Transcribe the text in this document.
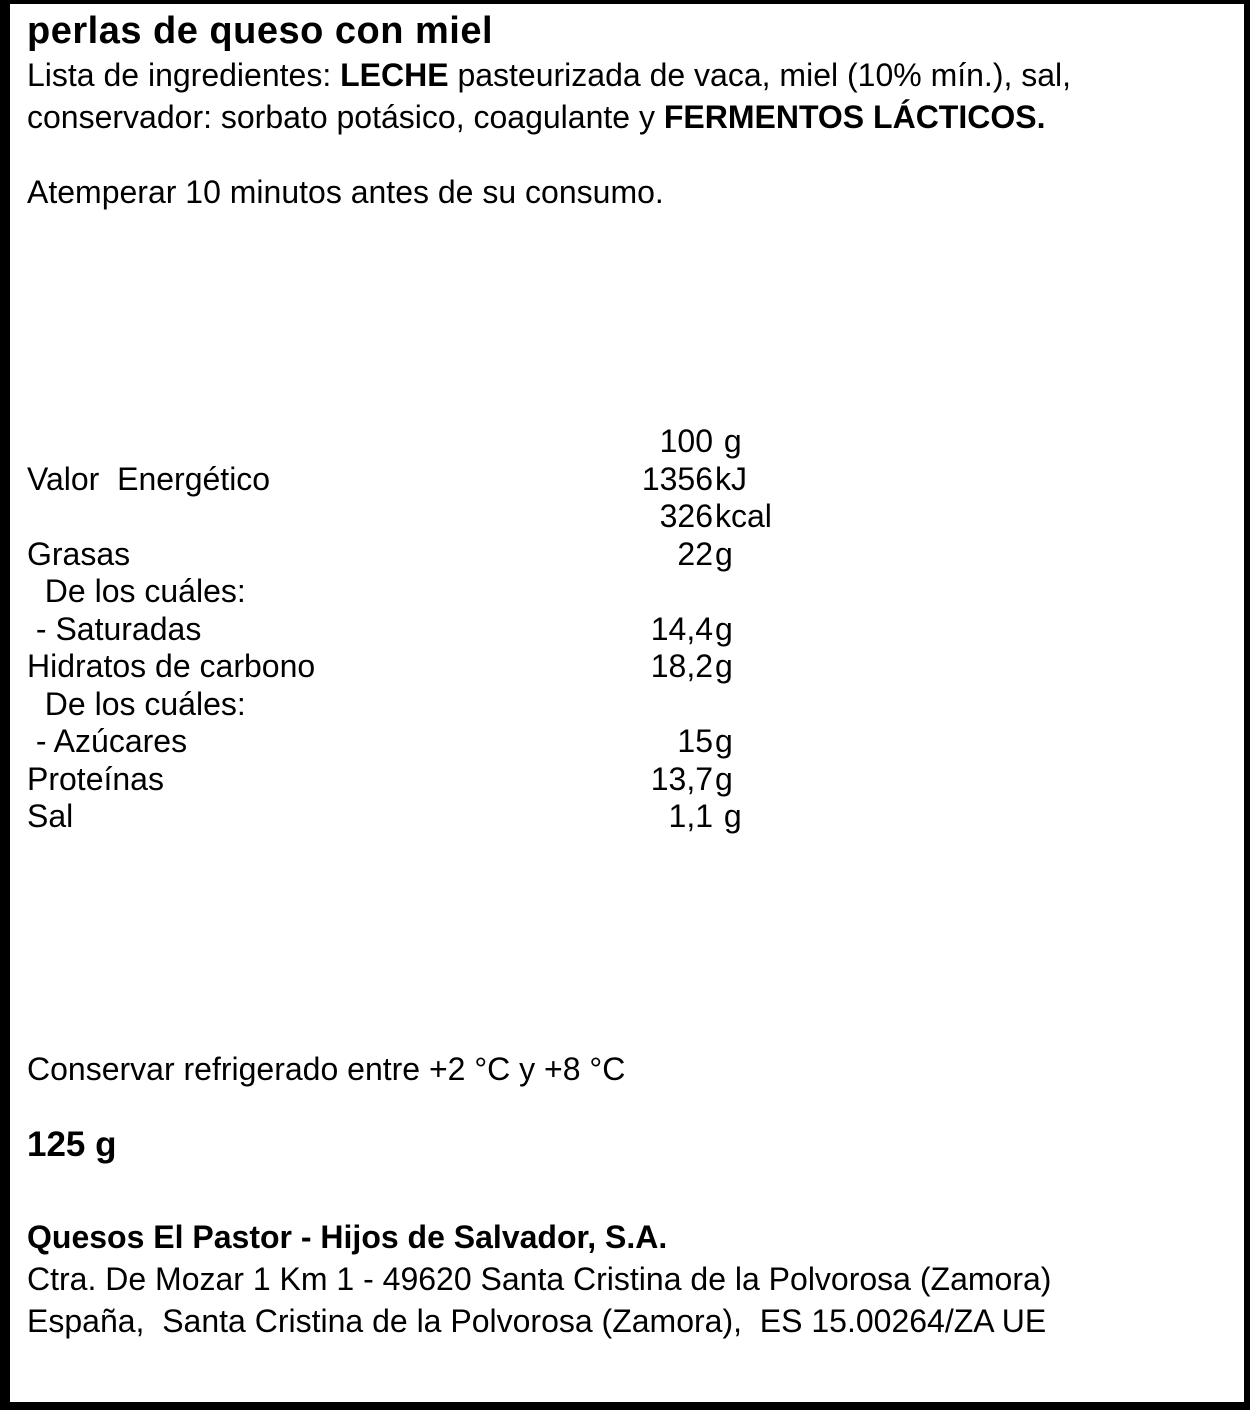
perlas de queso con miel

Lista de ingredientes: LECHE pasteurizada de vaca, miel (10% mín.), sal,
conservador: sorbato potásico, coagulante y FERMENTOS LÁCTICOS.

Atemperar 10 minutos antes de su consumo.

100 g
Valor  Energético	1356 kJ
326 kcal
Grasas	22 g
De los cuáles:
- Saturadas	14,4 g
Hidratos de carbono	18,2 g
De los cuáles:
- Azúcares	15 g
Proteínas	13,7 g
Sal	1,1 g

Conservar refrigerado entre +2 °C y +8 °C

125 g

Quesos El Pastor - Hijos de Salvador, S.A.
Ctra. De Mozar 1 Km 1 - 49620 Santa Cristina de la Polvorosa (Zamora)
España,  Santa Cristina de la Polvorosa (Zamora),  ES 15.00264/ZA UE
